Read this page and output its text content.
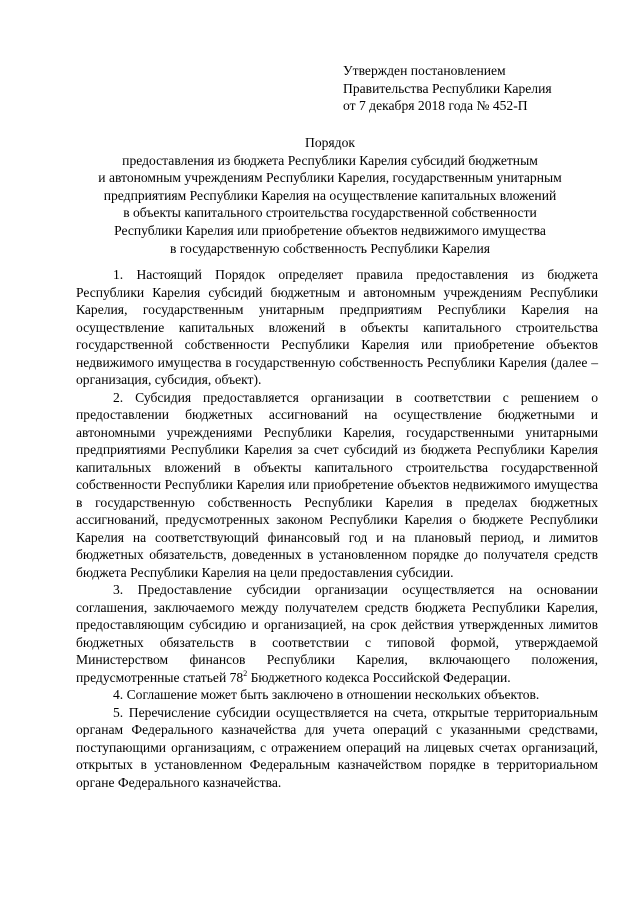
Утвержден постановлением
Правительства Республики Карелия
от 7 декабря 2018 года № 452-П
Порядок
предоставления из бюджета Республики Карелия субсидий бюджетным
и автономным учреждениям Республики Карелия, государственным унитарным
предприятиям Республики Карелия на осуществление капитальных вложений
в объекты капитального строительства государственной собственности
Республики Карелия или приобретение объектов недвижимого имущества
в государственную собственность Республики Карелия

1. Настоящий Порядок определяет правила предоставления из бюджета Республики Карелия субсидий бюджетным и автономным учреждениям Республики Карелия, государственным унитарным предприятиям Республики Карелия на осуществление капитальных вложений в объекты капитального строительства государственной собственности Республики Карелия или приобретение объектов недвижимого имущества в государственную собственность Республики Карелия (далее – организация, субсидия, объект).

2. Субсидия предоставляется организации в соответствии с решением о предоставлении бюджетных ассигнований на осуществление бюджетными и автономными учреждениями Республики Карелия, государственными унитарными предприятиями Республики Карелия за счет субсидий из бюджета Республики Карелия капитальных вложений в объекты капитального строительства государственной собственности Республики Карелия или приобретение объектов недвижимого имущества в государственную собственность Республики Карелия в пределах бюджетных ассигнований, предусмотренных законом Республики Карелия о бюджете Республики Карелия на соответствующий финансовый год и на плановый период, и лимитов бюджетных обязательств, доведенных в установленном порядке до получателя средств бюджета Республики Карелия на цели предоставления субсидии.

3. Предоставление субсидии организации осуществляется на основании соглашения, заключаемого между получателем средств бюджета Республики Карелия, предоставляющим субсидию и организацией, на срок действия утвержденных лимитов бюджетных обязательств в соответствии с типовой формой, утверждаемой Министерством финансов Республики Карелия, включающего положения, предусмотренные статьей $78^2$ Бюджетного кодекса Российской Федерации.

4. Соглашение может быть заключено в отношении нескольких объектов.

5. Перечисление субсидии осуществляется на счета, открытые территориальным органам Федерального казначейства для учета операций с указанными средствами, поступающими организациям, с отражением операций на лицевых счетах организаций, открытых в установленном Федеральным казначейством порядке в территориальном органе Федерального казначейства.
